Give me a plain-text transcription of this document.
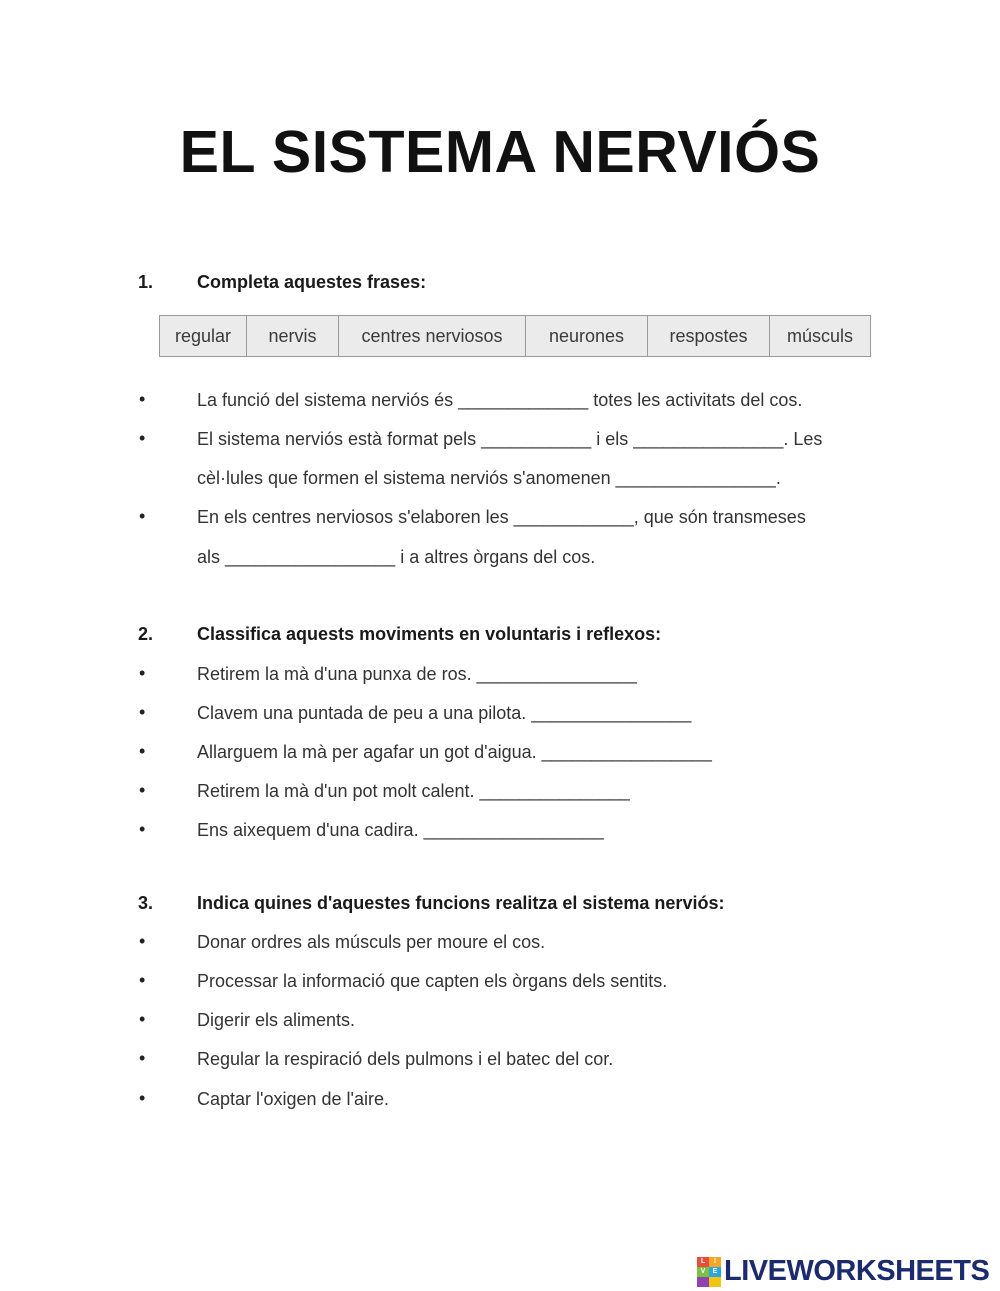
EL SISTEMA NERVIÓS
1. Completa aquestes frases:
regular	nervis	centres nerviosos	neurones	respostes	músculs
•	La funció del sistema nerviós és _____________ totes les activitats del cos.
•	El sistema nerviós està format pels ___________ i els _______________. Les
cèl·lules que formen el sistema nerviós s'anomenen ________________.
•	En els centres nerviosos s'elaboren les ____________, que són transmeses
als _________________ i a altres òrgans del cos.
2. Classifica aquests moviments en voluntaris i reflexos:
•	Retirem la mà d'una punxa de ros. ________________
•	Clavem una puntada de peu a una pilota. ________________
•	Allarguem la mà per agafar un got d'aigua. _________________
•	Retirem la mà d'un pot molt calent. _______________
•	Ens aixequem d'una cadira. __________________
3. Indica quines d'aquestes funcions realitza el sistema nerviós:
•	Donar ordres als músculs per moure el cos.
•	Processar la informació que capten els òrgans dels sentits.
•	Digerir els aliments.
•	Regular la respiració dels pulmons i el batec del cor.
•	Captar l'oxigen de l'aire.
L	I
V	E LIVEWORKSHEETS
